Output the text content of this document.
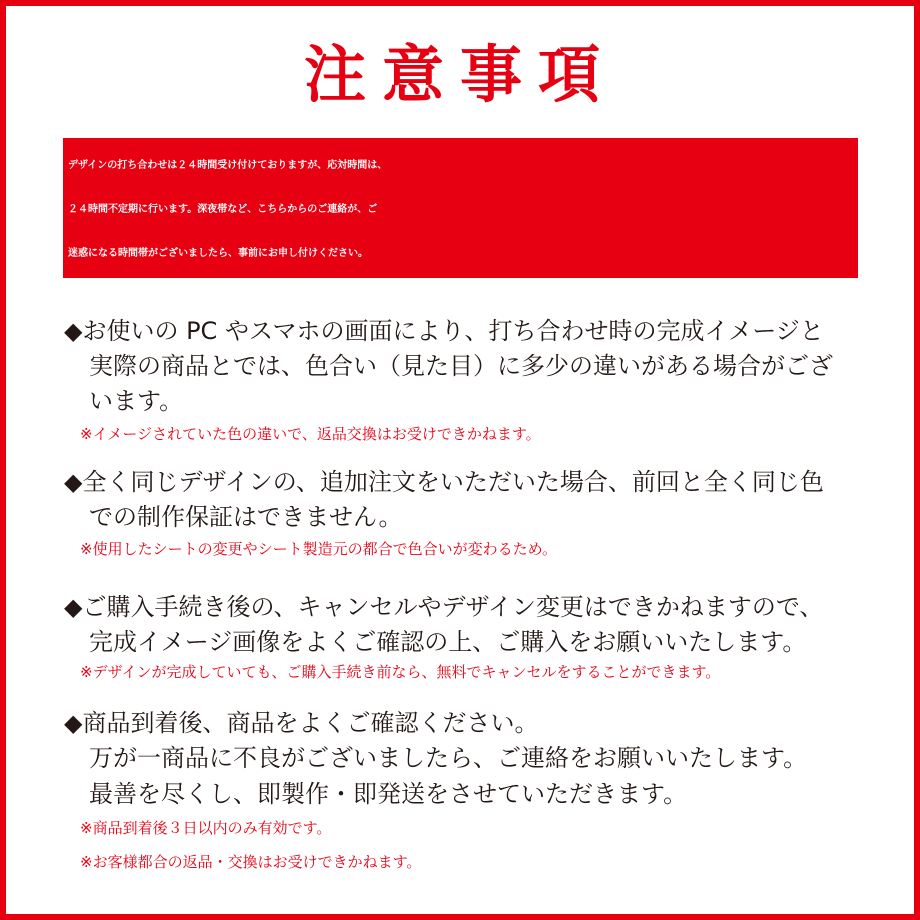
注意事項
デザインの打ち合わせは２４時間受け付けておりますが、応対時間は、
２４時間不定期に行います。深夜帯など、こちらからのご連絡が、ご
迷惑になる時間帯がございましたら、事前にお申し付けください。
◆お使いの PC やスマホの画面により、打ち合わせ時の完成イメージと
実際の商品とでは、色合い（見た目）に多少の違いがある場合がござ
います。
※イメージされていた色の違いで、返品交換はお受けできかねます。
◆全く同じデザインの、追加注文をいただいた場合、前回と全く同じ色
での制作保証はできません。
※使用したシートの変更やシート製造元の都合で色合いが変わるため。
◆ご購入手続き後の、キャンセルやデザイン変更はできかねますので、
完成イメージ画像をよくご確認の上、ご購入をお願いいたします。
※デザインが完成していても、ご購入手続き前なら、無料でキャンセルをすることができます。
◆商品到着後、商品をよくご確認ください。
万が一商品に不良がございましたら、ご連絡をお願いいたします。
最善を尽くし、即製作・即発送をさせていただきます。
※商品到着後３日以内のみ有効です。
※お客様都合の返品・交換はお受けできかねます。
